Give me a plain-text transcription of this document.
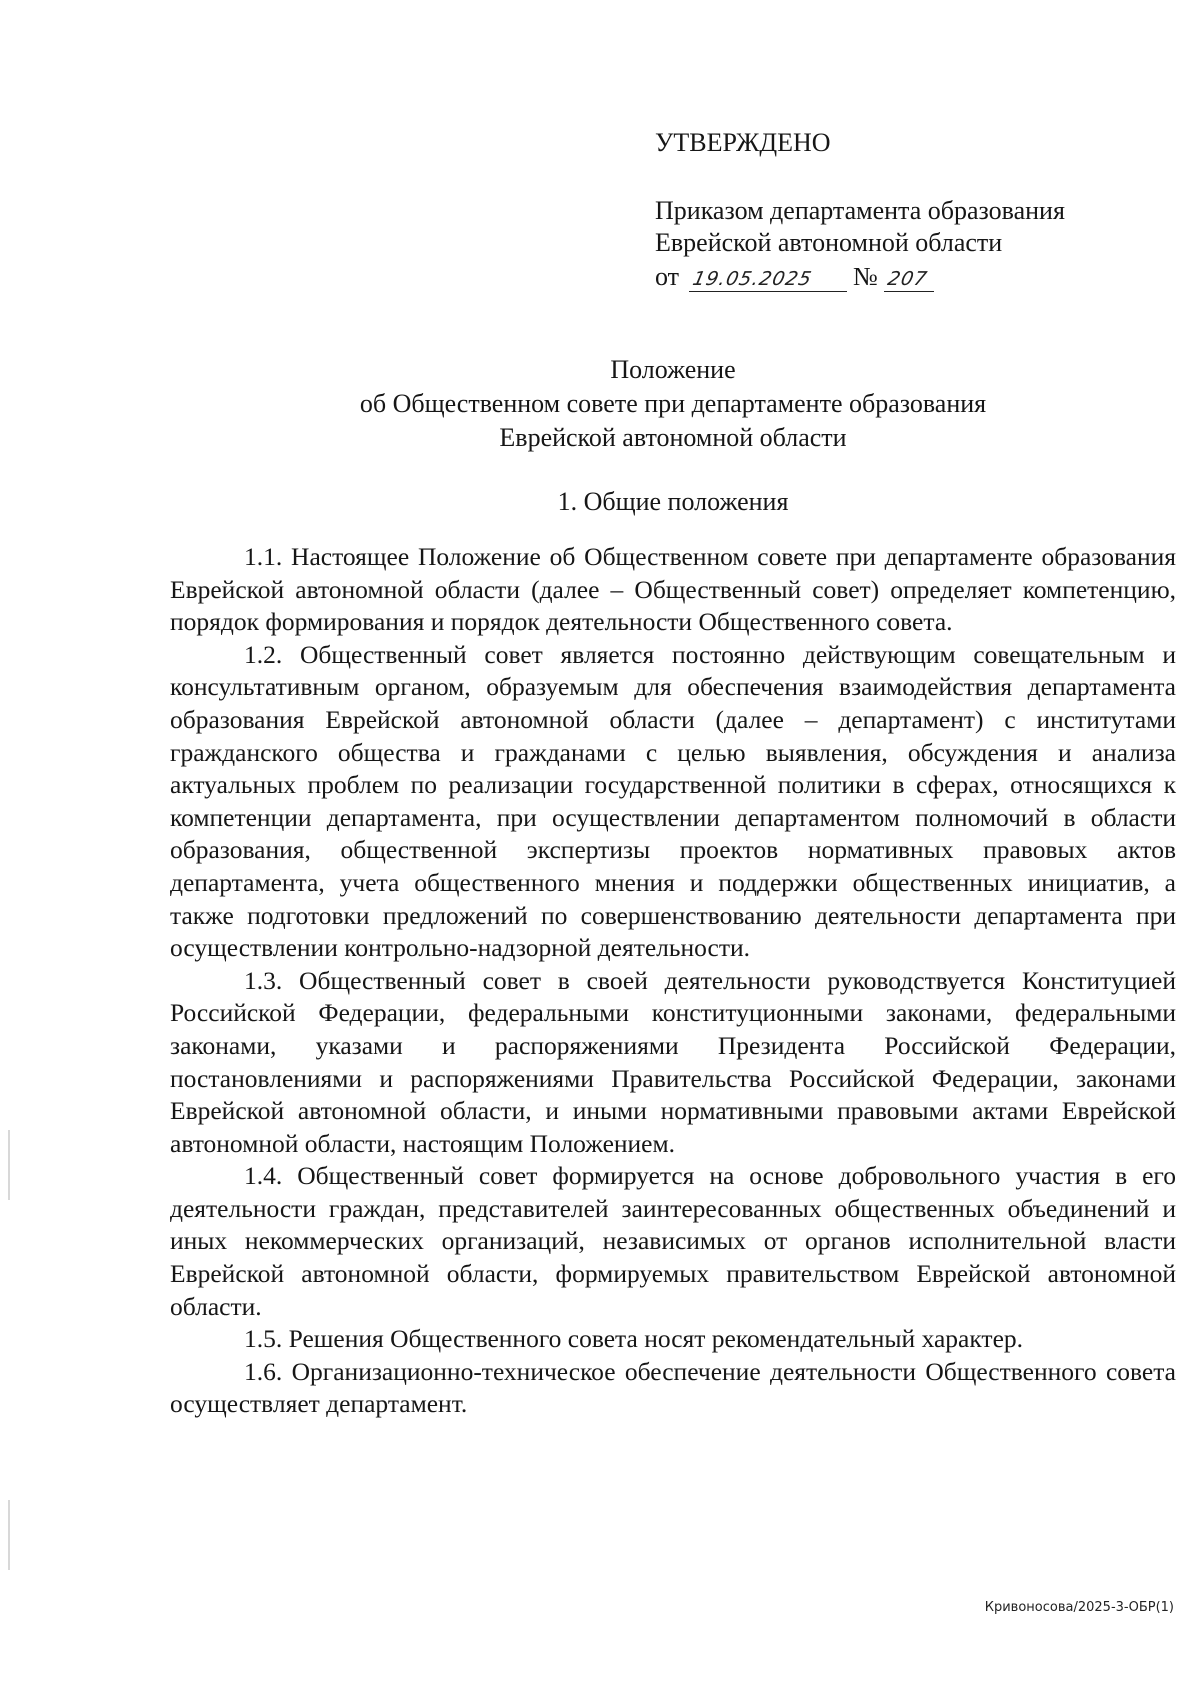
УТВЕРЖДЕНО
Приказом департамента образования
Еврейской автономной области
от 19.05.2025	№ 207
Положение
об Общественном совете при департаменте образования
Еврейской автономной области
1. Общие положения

1.1. Настоящее Положение об Общественном совете при департаменте образования Еврейской автономной области (далее – Общественный совет) определяет компетенцию, порядок формирования и порядок деятельности Общественного совета.

1.2. Общественный совет является постоянно действующим совещательным и консультативным органом, образуемым для обеспечения взаимодействия департамента образования Еврейской автономной области (далее – департамент) с институтами гражданского общества и гражданами с целью выявления, обсуждения и анализа актуальных проблем по реализации государственной политики в сферах, относящихся к компетенции департамента, при осуществлении департаментом полномочий в области образования, общественной экспертизы проектов нормативных правовых актов департамента, учета общественного мнения и поддержки общественных инициатив, а также подготовки предложений по совершенствованию деятельности департамента при осуществлении контрольно-надзорной деятельности.

1.3. Общественный совет в своей деятельности руководствуется Конституцией Российской Федерации, федеральными конституционными законами, федеральными законами, указами и распоряжениями Президента Российской Федерации, постановлениями и распоряжениями Правительства Российской Федерации, законами Еврейской автономной области, и иными нормативными правовыми актами Еврейской автономной области, настоящим Положением.

1.4. Общественный совет формируется на основе добровольного участия в его деятельности граждан, представителей заинтересованных общественных объединений и иных некоммерческих организаций, независимых от органов исполнительной власти Еврейской автономной области, формируемых правительством Еврейской автономной области.

1.5. Решения Общественного совета носят рекомендательный характер.

1.6. Организационно-техническое обеспечение деятельности Общественного совета осуществляет департамент.

Кривоносова/2025-3-ОБР(1)
